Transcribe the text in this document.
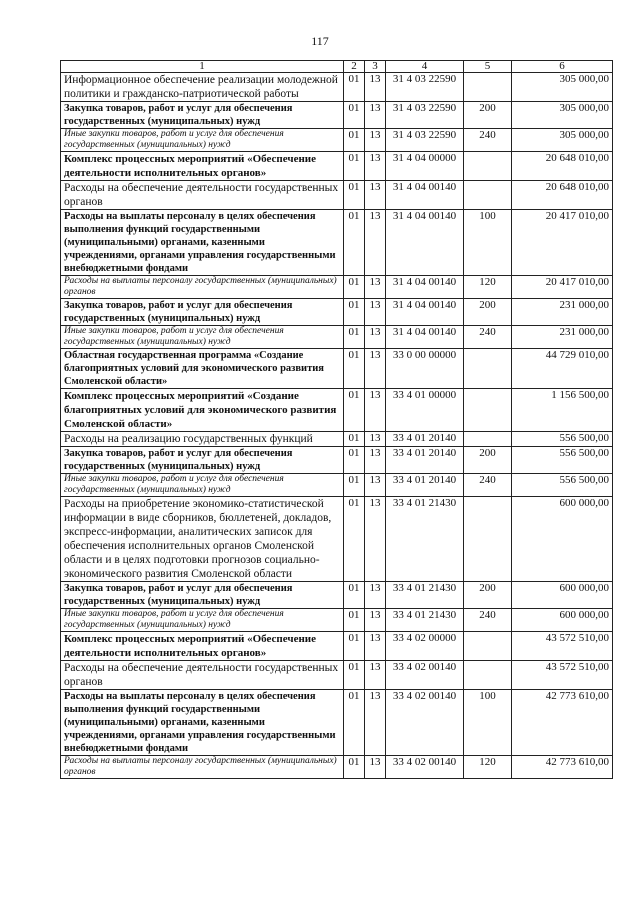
117
1	2	3	4	5	6
Информационное обеспечение реализации молодежной политики и гражданско-патриотической работы	01	13	31 4 03 22590		305 000,00
Закупка товаров, работ и услуг для обеспечения государственных (муниципальных) нужд	01	13	31 4 03 22590	200	305 000,00
Иные закупки товаров, работ и услуг для обеспечения государственных (муниципальных) нужд	01	13	31 4 03 22590	240	305 000,00
Комплекс процессных мероприятий «Обеспечение деятельности исполнительных органов»	01	13	31 4 04 00000		20 648 010,00
Расходы на обеспечение деятельности государственных органов	01	13	31 4 04 00140		20 648 010,00
Расходы на выплаты персоналу в целях обеспечения выполнения функций государственными (муниципальными) органами, казенными учреждениями, органами управления государственными внебюджетными фондами	01	13	31 4 04 00140	100	20 417 010,00
Расходы на выплаты персоналу государственных (муниципальных) органов	01	13	31 4 04 00140	120	20 417 010,00
Закупка товаров, работ и услуг для обеспечения государственных (муниципальных) нужд	01	13	31 4 04 00140	200	231 000,00
Иные закупки товаров, работ и услуг для обеспечения государственных (муниципальных) нужд	01	13	31 4 04 00140	240	231 000,00
Областная государственная программа «Создание благоприятных условий для экономического развития Смоленской области»	01	13	33 0 00 00000		44 729 010,00
Комплекс процессных мероприятий «Создание благоприятных условий для экономического развития Смоленской области»	01	13	33 4 01 00000		1 156 500,00
Расходы на реализацию государственных функций	01	13	33 4 01 20140		556 500,00
Закупка товаров, работ и услуг для обеспечения государственных (муниципальных) нужд	01	13	33 4 01 20140	200	556 500,00
Иные закупки товаров, работ и услуг для обеспечения государственных (муниципальных) нужд	01	13	33 4 01 20140	240	556 500,00
Расходы на приобретение экономико-статистической информации в виде сборников, бюллетеней, докладов, экспресс-информации, аналитических записок для обеспечения исполнительных органов Смоленской области и в целях подготовки прогнозов социально-экономического развития Смоленской области	01	13	33 4 01 21430		600 000,00
Закупка товаров, работ и услуг для обеспечения государственных (муниципальных) нужд	01	13	33 4 01 21430	200	600 000,00
Иные закупки товаров, работ и услуг для обеспечения государственных (муниципальных) нужд	01	13	33 4 01 21430	240	600 000,00
Комплекс процессных мероприятий «Обеспечение деятельности исполнительных органов»	01	13	33 4 02 00000		43 572 510,00
Расходы на обеспечение деятельности государственных органов	01	13	33 4 02 00140		43 572 510,00
Расходы на выплаты персоналу в целях обеспечения выполнения функций государственными (муниципальными) органами, казенными учреждениями, органами управления государственными внебюджетными фондами	01	13	33 4 02 00140	100	42 773 610,00
Расходы на выплаты персоналу государственных (муниципальных) органов	01	13	33 4 02 00140	120	42 773 610,00
